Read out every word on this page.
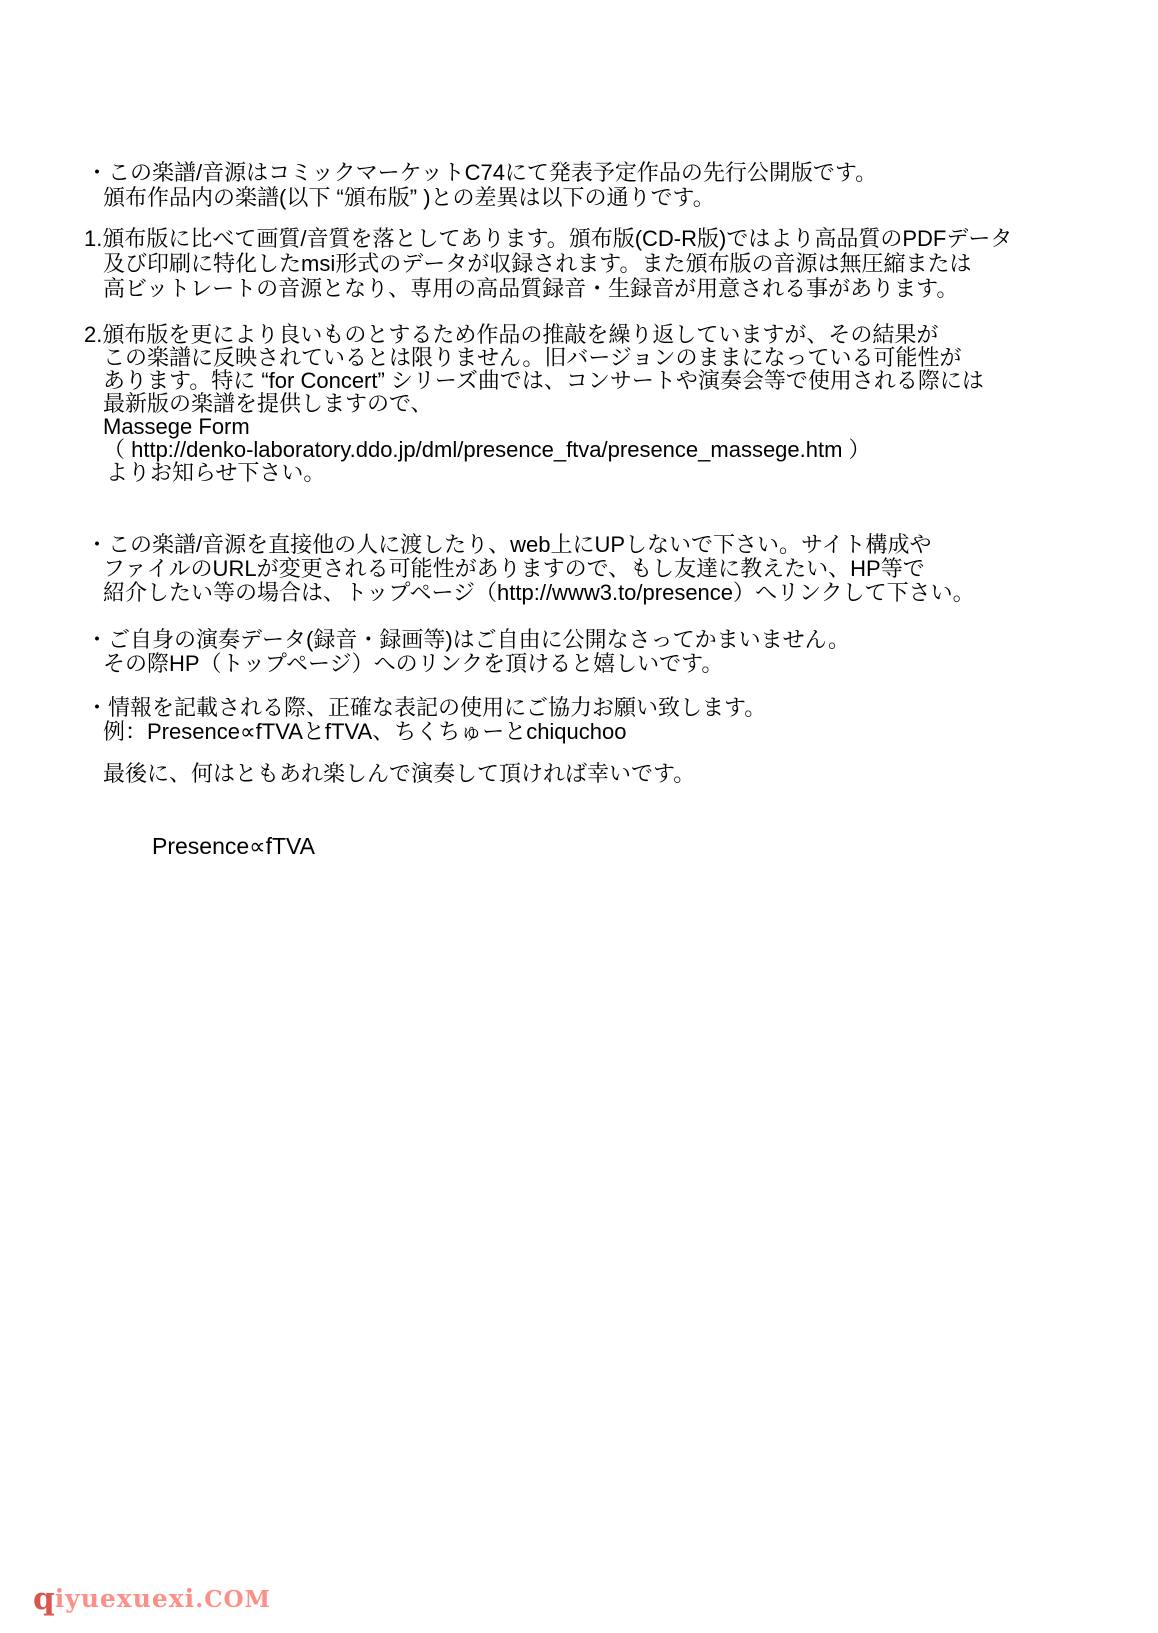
・この楽譜/音源はコミックマーケットC74にて発表予定作品の先行公開版です。
頒布作品内の楽譜(以下 “頒布版” )との差異は以下の通りです。
1.頒布版に比べて画質/音質を落としてあります。頒布版(CD-R版)ではより高品質のPDFデータ
及び印刷に特化したmsi形式のデータが収録されます。また頒布版の音源は無圧縮または
高ビットレートの音源となり、専用の高品質録音・生録音が用意される事があります。
2.頒布版を更により良いものとするため作品の推敲を繰り返していますが、その結果が
この楽譜に反映されているとは限りません。旧バージョンのままになっている可能性が
あります。特に “for Concert” シリーズ曲では、コンサートや演奏会等で使用される際には
最新版の楽譜を提供しますので、
Massege Form
（ http://denko-laboratory.ddo.jp/dml/presence_ftva/presence_massege.htm ）
よりお知らせ下さい。
・この楽譜/音源を直接他の人に渡したり、web上にUPしないで下さい。サイト構成や
ファイルのURLが変更される可能性がありますので、もし友達に教えたい、HP等で
紹介したい等の場合は、トップページ（http://www3.to/presence）へリンクして下さい。
・ご自身の演奏データ(録音・録画等)はご自由に公開なさってかまいません。
その際HP（トップページ）へのリンクを頂けると嬉しいです。
・情報を記載される際、正確な表記の使用にご協力お願い致します。
例：Presence∝fTVAとfTVA、ちくちゅーとchiquchoo
最後に、何はともあれ楽しんで演奏して頂ければ幸いです。
Presence∝fTVA
qiyuexuexi.COM
